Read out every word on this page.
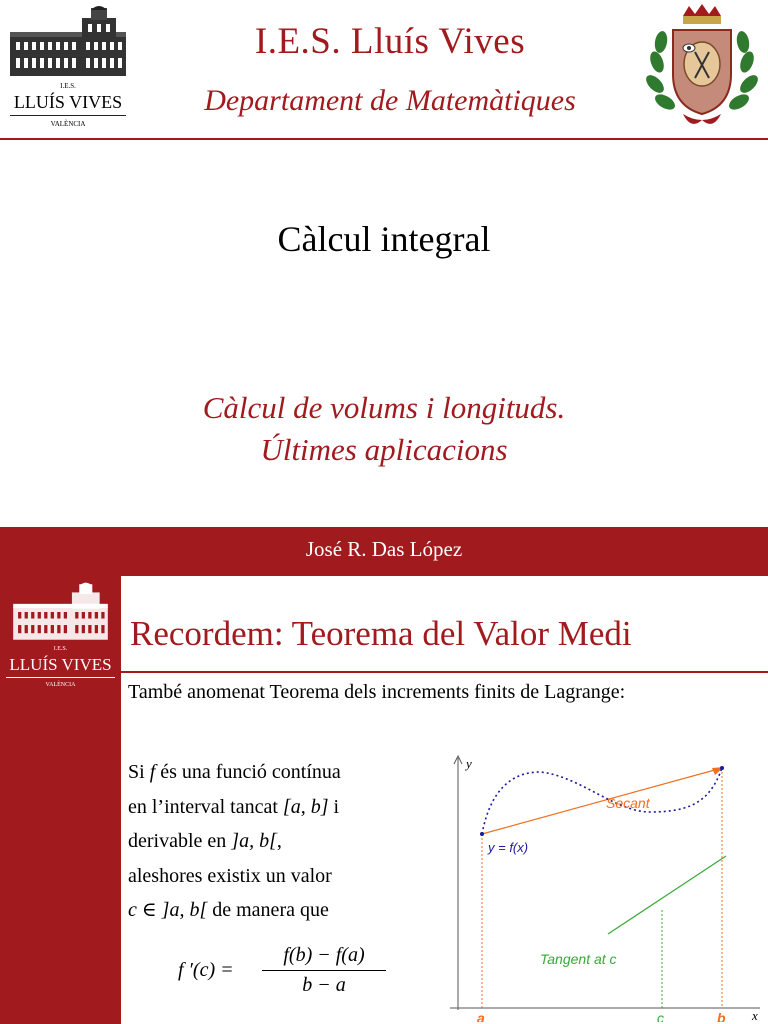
I.E.S.
LLUÍS VIVES
VALÈNCIA
I.E.S. Lluís Vives
Departament de Matemàtiques
Càlcul integral
Càlcul de volums i longituds.
Últimes aplicacions
José R. Das López
I.E.S.
LLUÍS VIVES
VALÈNCIA
Recordem: Teorema del Valor Medi
També anomenat Teorema dels increments finits de Lagrange:
Si f és una funció contínua
en l’interval tancat [a, b] i
derivable en ]a, b[,
aleshores existix un valor
c ∈ ]a, b[ de manera que
f ′(c) =
f(b) − f(a)
b − a
y
x
Secant
y = f(x)
Tangent at c
a	c	b
